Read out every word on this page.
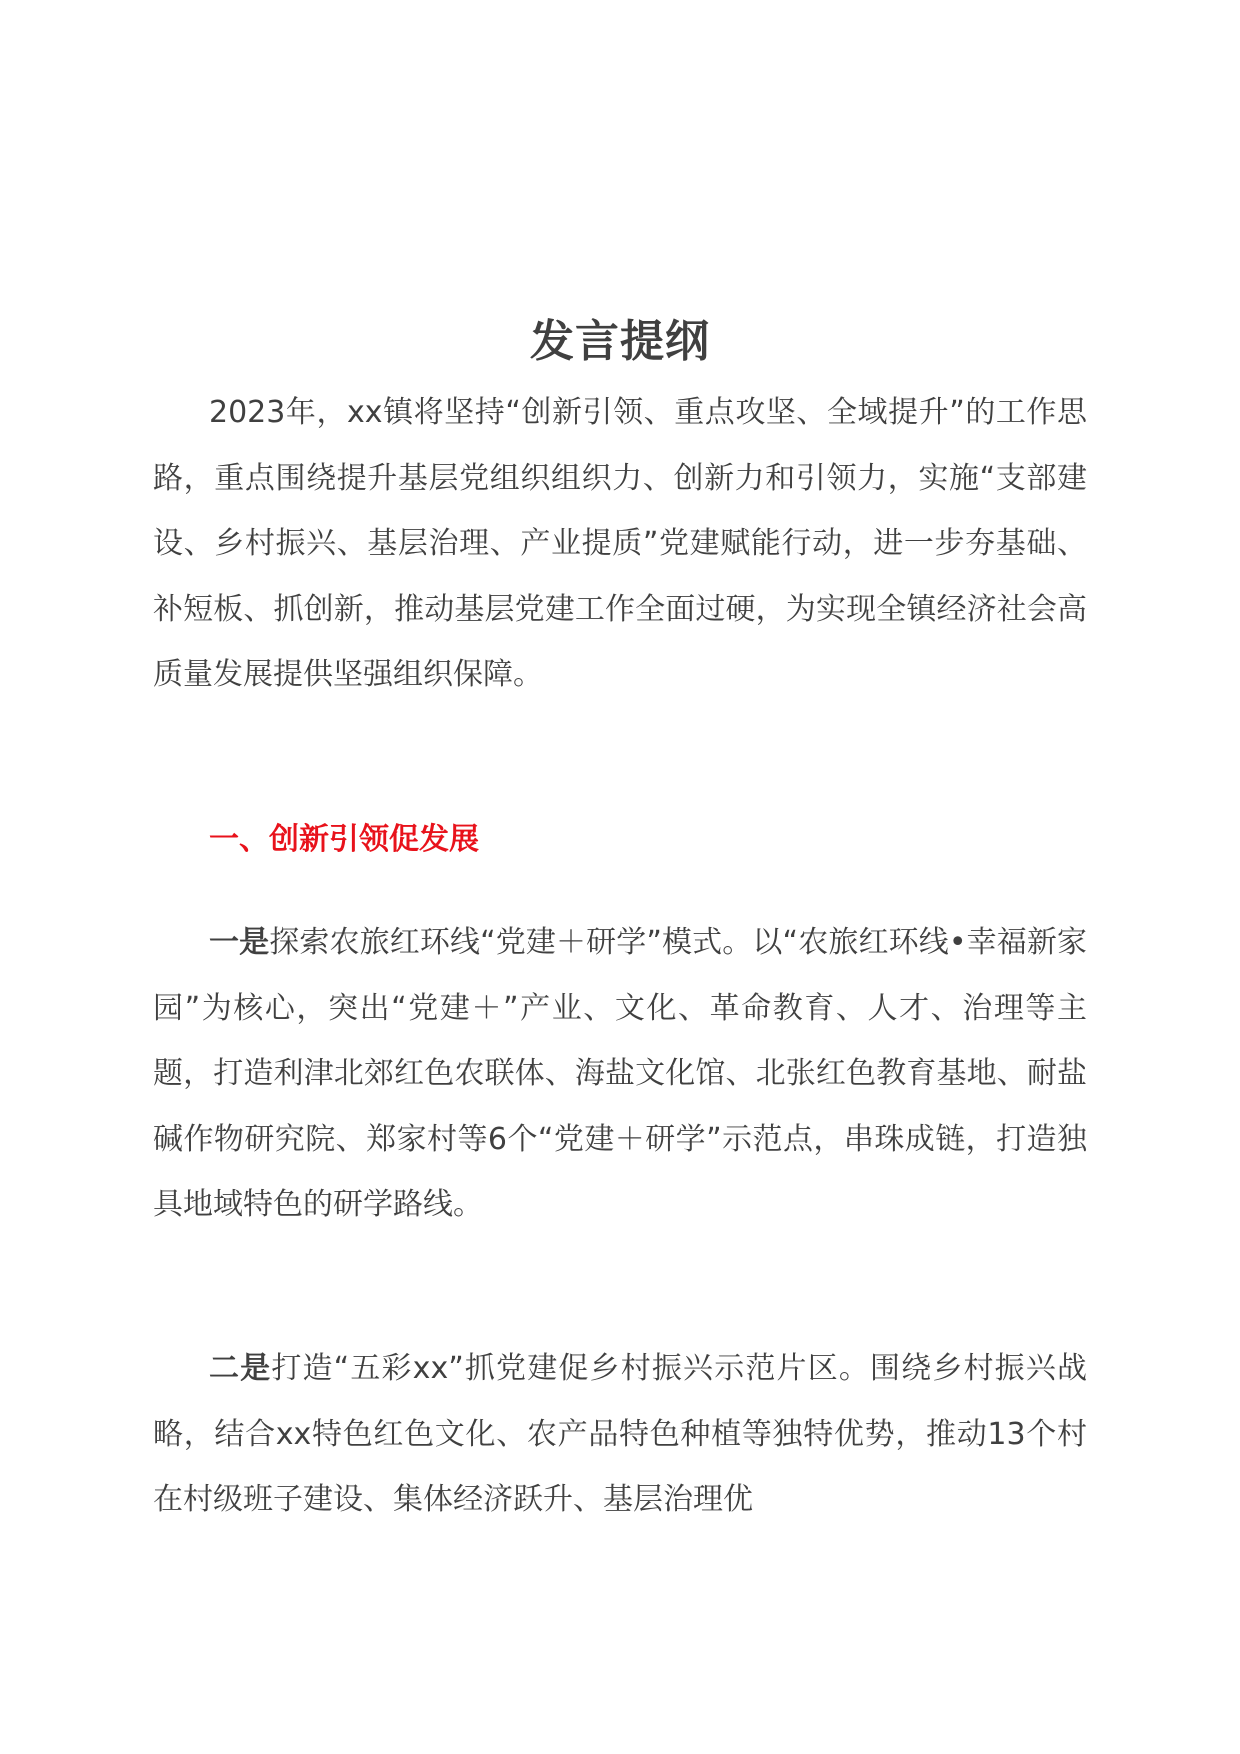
发言提纲

2023年，xx镇将坚持“创新引领、重点攻坚、全域提升”的工作思路，重点围绕提升基层党组织组织力、创新力和引领力，实施“支部建设、乡村振兴、基层治理、产业提质”党建赋能行动，进一步夯基础、补短板、抓创新，推动基层党建工作全面过硬，为实现全镇经济社会高质量发展提供坚强组织保障。

一、创新引领促发展

一是探索农旅红环线“党建＋研学”模式。以“农旅红环线•幸福新家园”为核心，突出“党建＋”产业、文化、革命教育、人才、治理等主题，打造利津北郊红色农联体、海盐文化馆、北张红色教育基地、耐盐碱作物研究院、郑家村等6个“党建＋研学”示范点，串珠成链，打造独具地域特色的研学路线。

二是打造“五彩xx”抓党建促乡村振兴示范片区。围绕乡村振兴战略，结合xx特色红色文化、农产品特色种植等独特优势，推动13个村在村级班子建设、集体经济跃升、基层治理优
